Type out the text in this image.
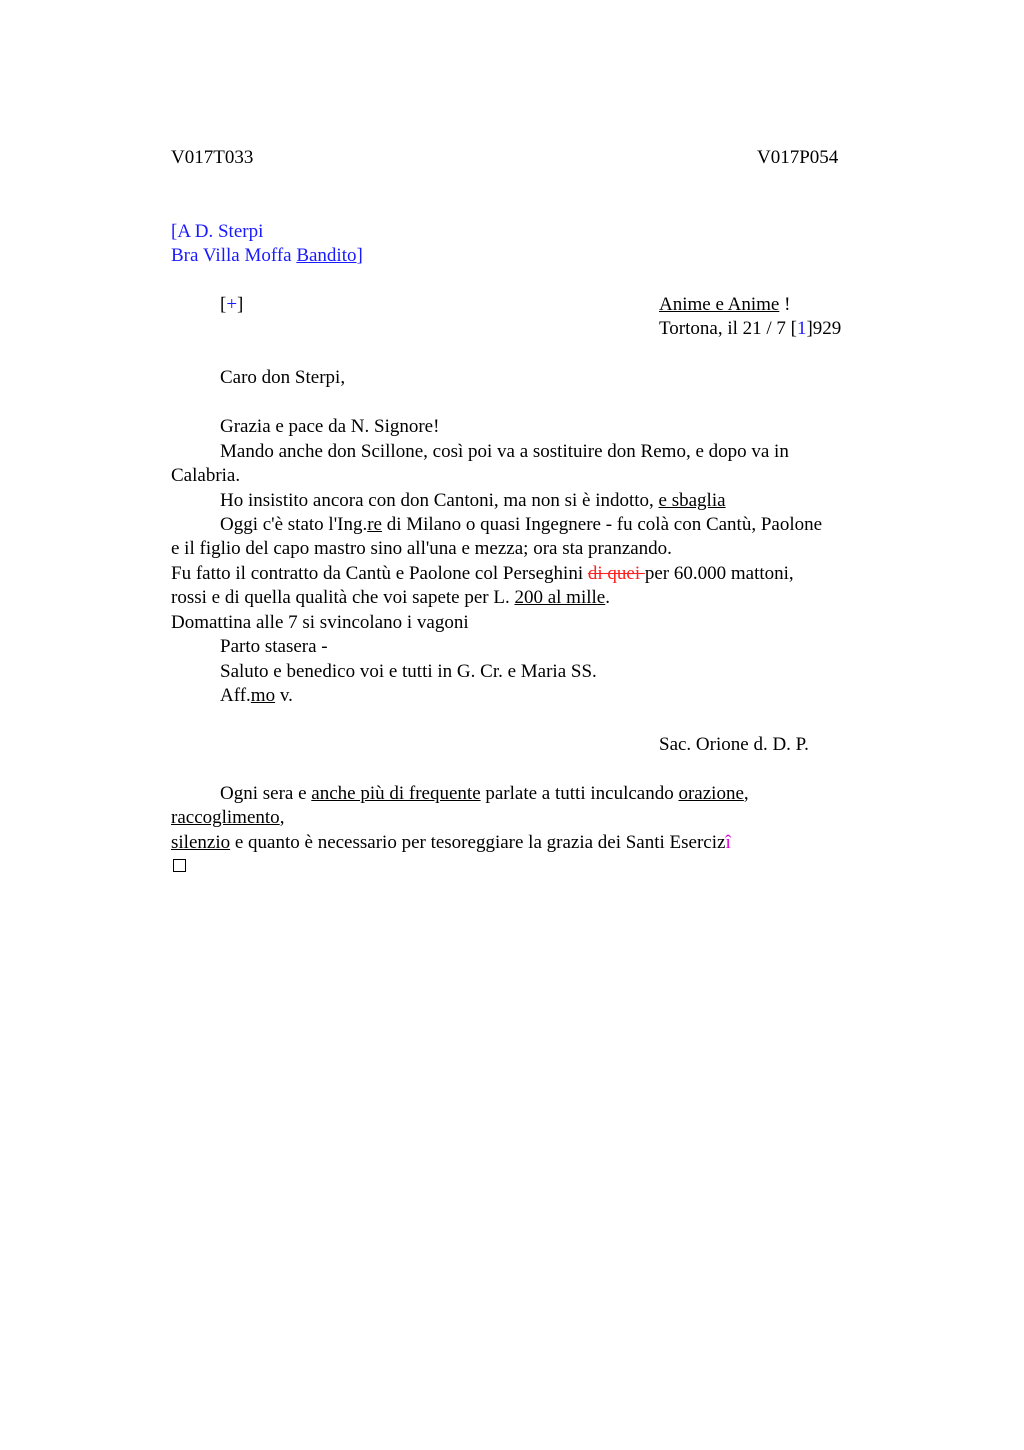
V017T033	V017P054
[A D. Sterpi
Bra Villa Moffa Bandito]
[+]	Anime e Anime !
Tortona, il 21 / 7 [1]929
Caro don Sterpi,
Grazia e pace da N. Signore!
Mando anche don Scillone, così poi va a sostituire don Remo, e dopo va in
Calabria.
Ho insistito ancora con don Cantoni, ma non si è indotto, e sbaglia
Oggi c'è stato l'Ing.re di Milano o quasi Ingegnere - fu colà con Cantù, Paolone
e il figlio del capo mastro sino all'una e mezza; ora sta pranzando.
Fu fatto il contratto da Cantù e Paolone col Perseghini di quei per 60.000 mattoni,
rossi e di quella qualità che voi sapete per L. 200 al mille.
Domattina alle 7 si svincolano i vagoni
Parto stasera -
Saluto e benedico voi e tutti in G. Cr. e Maria SS.
Aff.mo v.
Sac. Orione d. D. P.
Ogni sera e anche più di frequente parlate a tutti inculcando orazione,
raccoglimento,
silenzio e quanto è necessario per tesoreggiare la grazia dei Santi Esercizî
